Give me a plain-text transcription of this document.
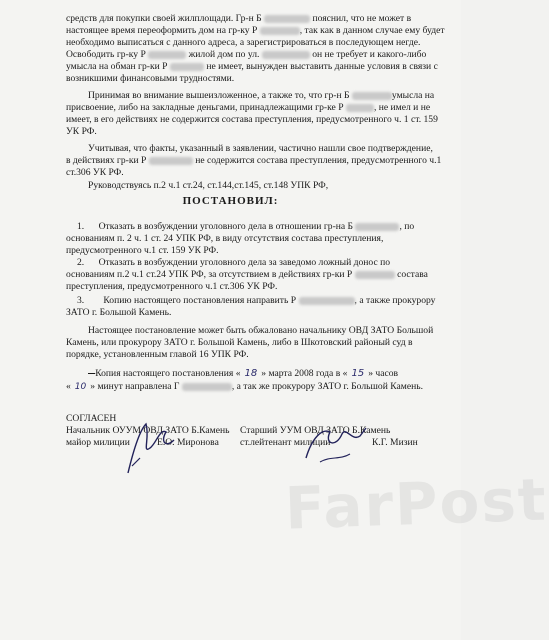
средств для покупки своей жилплощади. Гр-н Б	пояснил, что не может в
настоящее время переоформить дом на гр-ку Р	, так как в данном случае ему будет
необходимо выписаться с данного адреса, а зарегистрироваться в последующем негде.
Освободить гр-ку Р	жилой дом по ул.	он не требует и какого-либо
умысла на обман гр-ки Р	не имеет, вынужден выставить данные условия в связи с
возникшими финансовыми трудностями.
Принимая во внимание вышеизложенное, а также то, что гр-н Б	умысла на
присвоение, либо на закладные деньгами, принадлежащими гр-ке Р	, не имел и не
имеет, в его действиях не содержится состава преступления, предусмотренного ч. 1 ст. 159
УК РФ.
Учитывая, что факты, указанный в заявлении, частично нашли свое подтверждение,
в действиях гр-ки Р	не содержится состава преступления, предусмотренного ч.1
ст.306 УК РФ.
Руководствуясь п.2 ч.1 ст.24, ст.144,ст.145, ст.148 УПК РФ,
ПОСТАНОВИЛ:
1. Отказать в возбуждении уголовного дела в отношении гр-на Б	, по
основаниям п. 2 ч. 1 ст. 24 УПК РФ, в виду отсутствия состава преступления,
предусмотренного ч.1 ст. 159 УК РФ.
2. Отказать в возбуждении уголовного дела за заведомо ложный донос по
основаниям п.2 ч.1 ст.24 УПК РФ, за отсутствием в действиях гр-ки Р	состава
преступления, предусмотренного ч.1 ст.306 УК РФ.
3. Копию настоящего постановления направить Р	, а также прокурору
ЗАТО г. Большой Камень.
Настоящее постановление может быть обжаловано начальнику ОВД ЗАТО Большой
Камень, или прокурору ЗАТО г. Большой Камень, либо в Шкотовский районый суд в
порядке, установленным главой 16 УПК РФ.
Копия настоящего постановления « 18 » марта 2008 года в « 15 » часов
« 10 » минут направлена Г	, а так же прокурору ЗАТО г. Большой Камень.
СОГЛАСЕН
Начальник ОУУМ ОВД ЗАТО Б.Камень
майор милиции	Е.О. Миронова
Старший УУМ ОВД ЗАТО Б.Камень
ст.лейтенант милиции	К.Г. Мизин
FarPost
